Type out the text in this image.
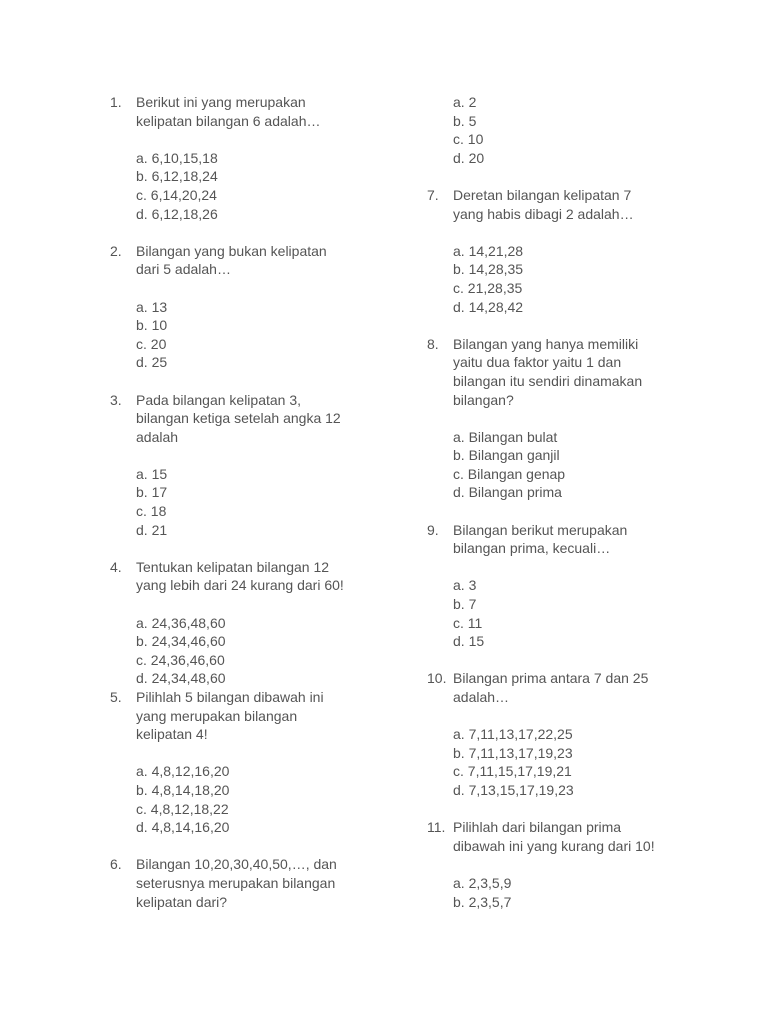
1. Berikut ini yang merupakan
kelipatan bilangan 6 adalah…
a. 6,10,15,18
b. 6,12,18,24
c. 6,14,20,24
d. 6,12,18,26
2. Bilangan yang bukan kelipatan
dari 5 adalah…
a. 13
b. 10
c. 20
d. 25
3. Pada bilangan kelipatan 3,
bilangan ketiga setelah angka 12
adalah
a. 15
b. 17
c. 18
d. 21
4. Tentukan kelipatan bilangan 12
yang lebih dari 24 kurang dari 60!
a. 24,36,48,60
b. 24,34,46,60
c. 24,36,46,60
d. 24,34,48,60
5. Pilihlah 5 bilangan dibawah ini
yang merupakan bilangan
kelipatan 4!
a. 4,8,12,16,20
b. 4,8,14,18,20
c. 4,8,12,18,22
d. 4,8,14,16,20
6. Bilangan 10,20,30,40,50,…, dan
seterusnya merupakan bilangan
kelipatan dari?
a. 2
b. 5
c. 10
d. 20
7. Deretan bilangan kelipatan 7
yang habis dibagi 2 adalah…
a. 14,21,28
b. 14,28,35
c. 21,28,35
d. 14,28,42
8. Bilangan yang hanya memiliki
yaitu dua faktor yaitu 1 dan
bilangan itu sendiri dinamakan
bilangan?
a. Bilangan bulat
b. Bilangan ganjil
c. Bilangan genap
d. Bilangan prima
9. Bilangan berikut merupakan
bilangan prima, kecuali…
a. 3
b. 7
c. 11
d. 15
10. Bilangan prima antara 7 dan 25
adalah…
a. 7,11,13,17,22,25
b. 7,11,13,17,19,23
c. 7,11,15,17,19,21
d. 7,13,15,17,19,23
11. Pilihlah dari bilangan prima
dibawah ini yang kurang dari 10!
a. 2,3,5,9
b. 2,3,5,7
